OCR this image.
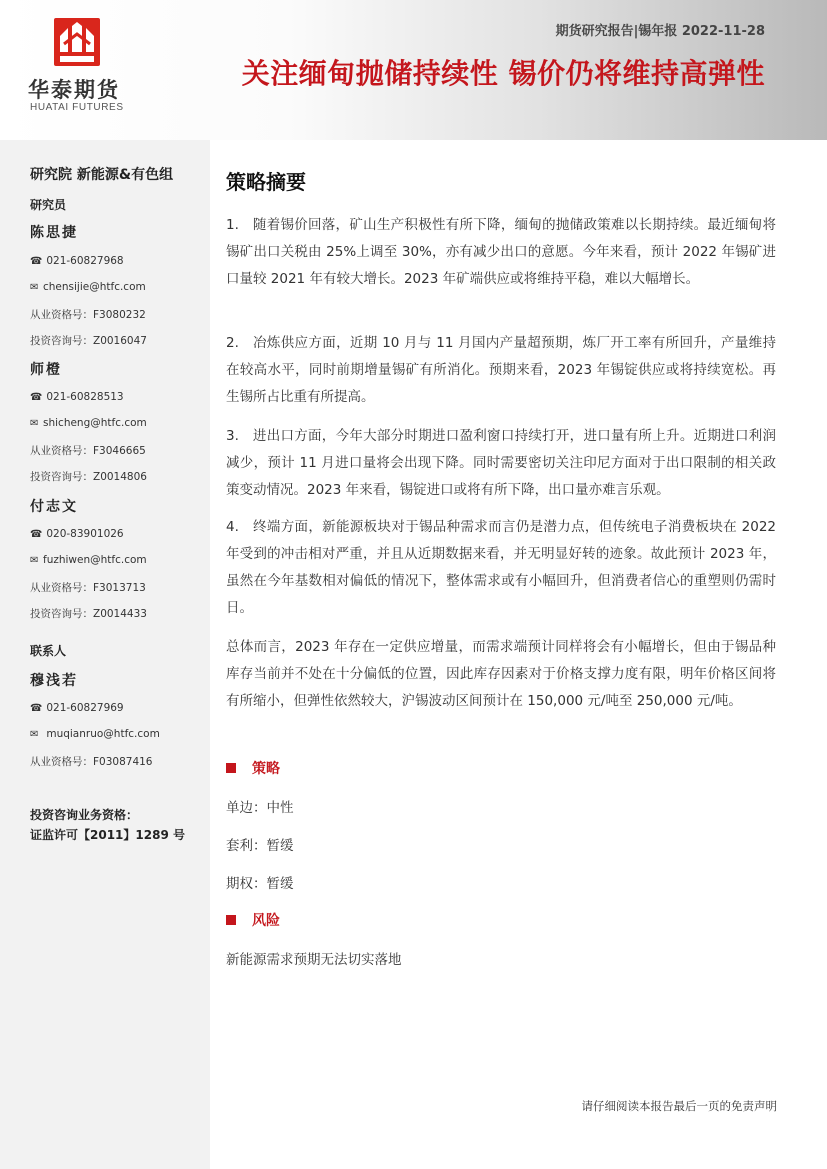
华泰期货
HUATAI FUTURES
期货研究报告|锡年报 2022-11-28
关注缅甸抛储持续性 锡价仍将维持高弹性
研究院 新能源&有色组
研究员
陈思捷
☎ 021-60827968
✉ chensijie@htfc.com
从业资格号：F3080232
投资咨询号：Z0016047
师橙
☎ 021-60828513
✉ shicheng@htfc.com
从业资格号：F3046665
投资咨询号：Z0014806
付志文
☎ 020-83901026
✉ fuzhiwen@htfc.com
从业资格号：F3013713
投资咨询号：Z0014433
联系人
穆浅若
☎ 021-60827969
✉ muqianruo@htfc.com
从业资格号：F03087416
投资咨询业务资格：
证监许可【2011】1289 号
策略摘要
1.　随着锡价回落，矿山生产积极性有所下降，缅甸的抛储政策难以长期持续。最近缅甸将锡矿出口关税由 25%上调至 30%，亦有减少出口的意愿。今年来看，预计 2022 年锡矿进口量较 2021 年有较大增长。2023 年矿端供应或将维持平稳，难以大幅增长。
2.　冶炼供应方面，近期 10 月与 11 月国内产量超预期，炼厂开工率有所回升，产量维持在较高水平，同时前期增量锡矿有所消化。预期来看，2023 年锡锭供应或将持续宽松。再生锡所占比重有所提高。
3.　进出口方面，今年大部分时期进口盈利窗口持续打开，进口量有所上升。近期进口利润减少，预计 11 月进口量将会出现下降。同时需要密切关注印尼方面对于出口限制的相关政策变动情况。2023 年来看，锡锭进口或将有所下降，出口量亦难言乐观。
4.　终端方面，新能源板块对于锡品种需求而言仍是潜力点，但传统电子消费板块在 2022 年受到的冲击相对严重，并且从近期数据来看，并无明显好转的迹象。故此预计 2023 年，虽然在今年基数相对偏低的情况下，整体需求或有小幅回升，但消费者信心的重塑则仍需时日。
总体而言，2023 年存在一定供应增量，而需求端预计同样将会有小幅增长，但由于锡品种库存当前并不处在十分偏低的位置，因此库存因素对于价格支撑力度有限，明年价格区间将有所缩小，但弹性依然较大，沪锡波动区间预计在 150,000 元/吨至 250,000 元/吨。
策略
单边：中性
套利：暂缓
期权：暂缓
风险
新能源需求预期无法切实落地
请仔细阅读本报告最后一页的免责声明
